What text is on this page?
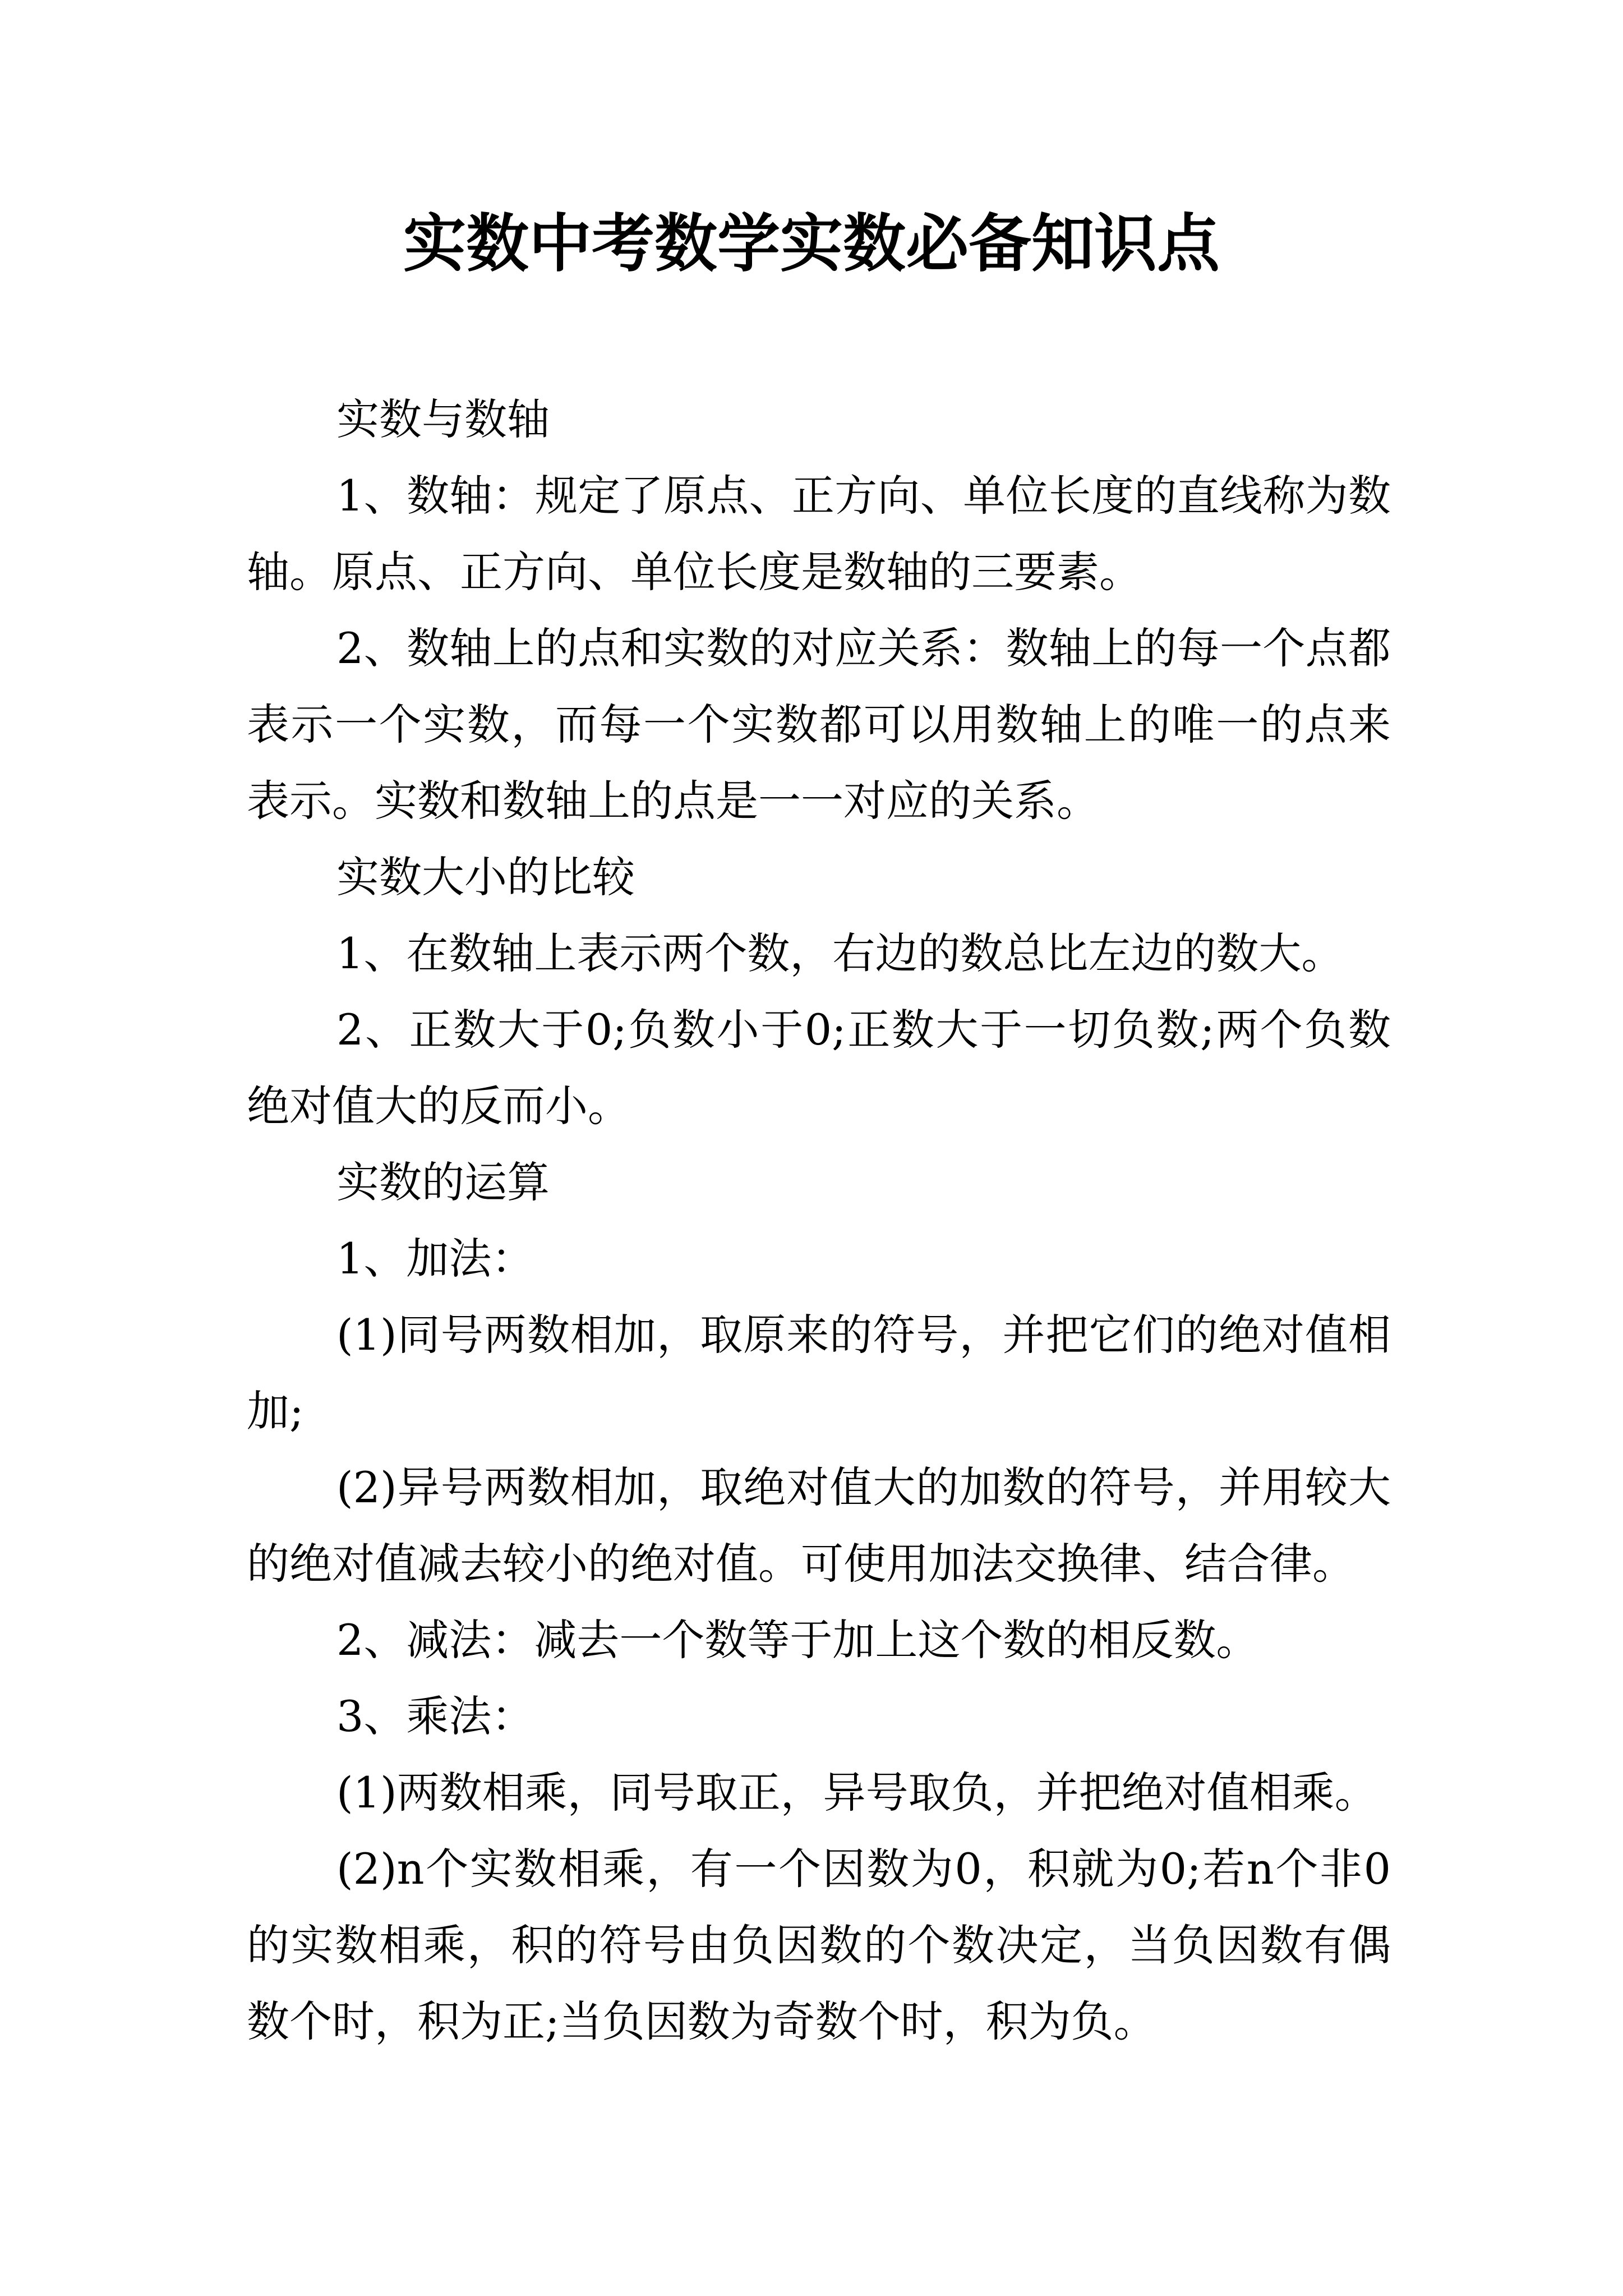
实数中考数学实数必备知识点

实数与数轴

1、数轴：规定了原点、正方向、单位长度的直线称为数轴。原点、正方向、单位长度是数轴的三要素。

2、数轴上的点和实数的对应关系：数轴上的每一个点都表示一个实数，而每一个实数都可以用数轴上的唯一的点来表示。实数和数轴上的点是一一对应的关系。

实数大小的比较

1、在数轴上表示两个数，右边的数总比左边的数大。

2、正数大于0;负数小于0;正数大于一切负数;两个负数绝对值大的反而小。

实数的运算

1、加法：

(1)同号两数相加，取原来的符号，并把它们的绝对值相加;

(2)异号两数相加，取绝对值大的加数的符号，并用较大的绝对值减去较小的绝对值。可使用加法交换律、结合律。

2、减法：减去一个数等于加上这个数的相反数。

3、乘法：

(1)两数相乘，同号取正，异号取负，并把绝对值相乘。

(2)n个实数相乘，有一个因数为0，积就为0;若n个非0的实数相乘，积的符号由负因数的个数决定，当负因数有偶数个时，积为正;当负因数为奇数个时，积为负。
